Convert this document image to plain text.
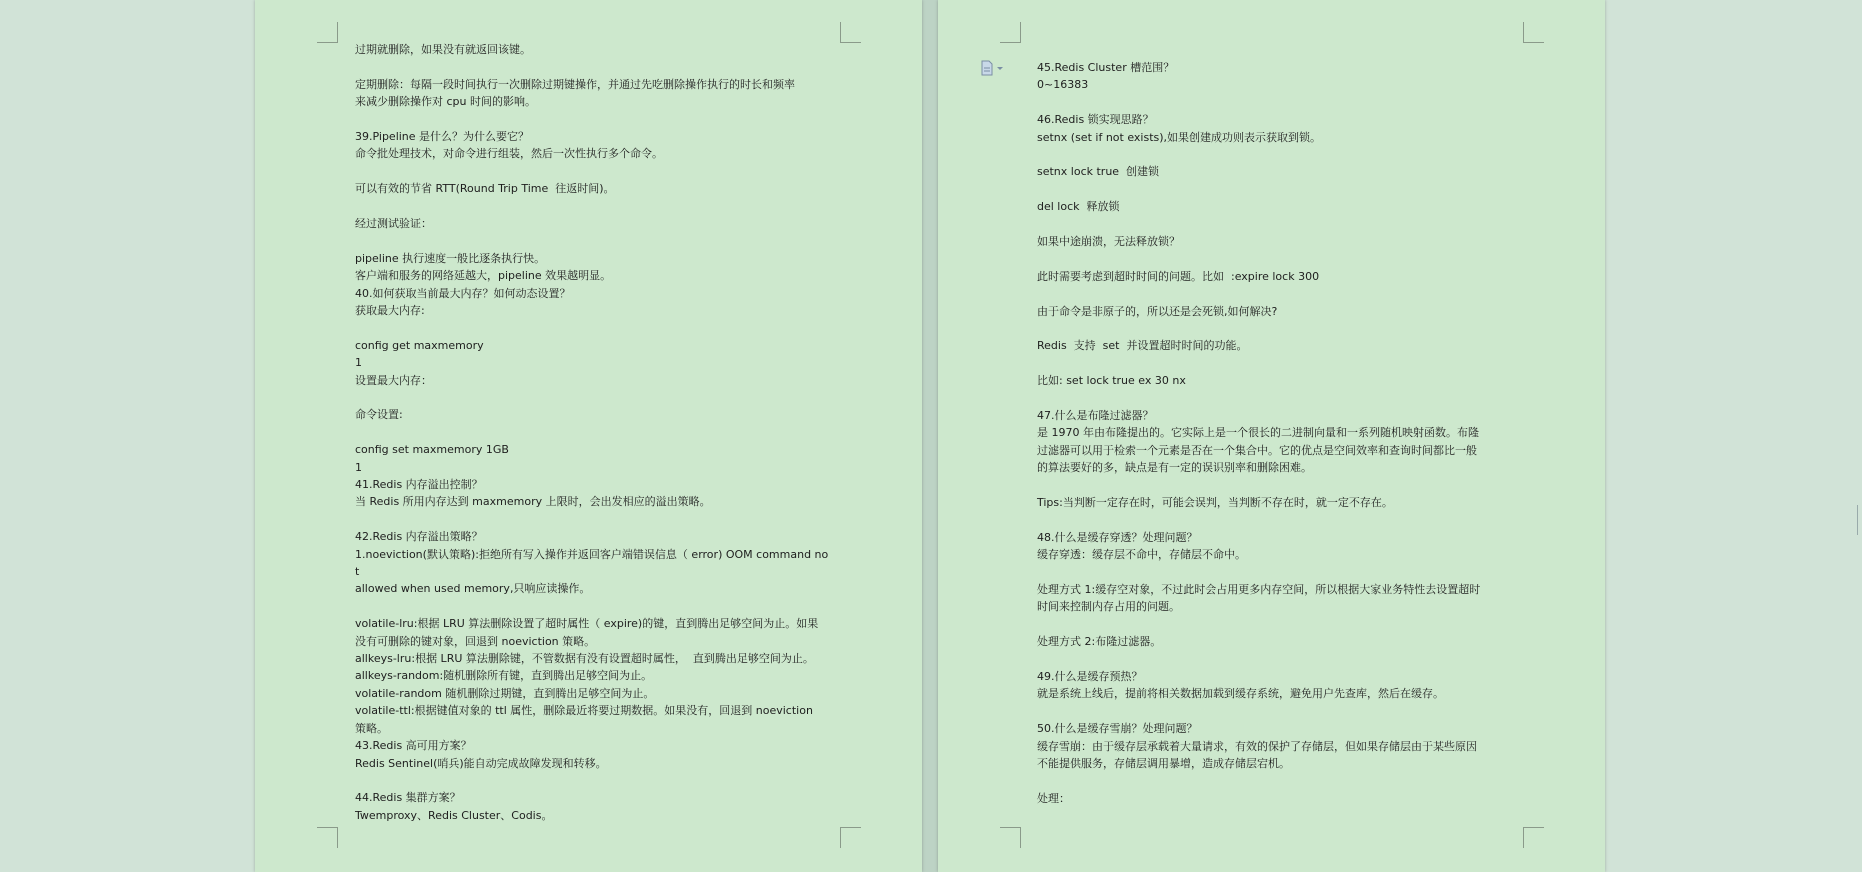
过期就删除，如果没有就返回该键。

定期删除：每隔一段时间执行一次删除过期键操作，并通过先吃删除操作执行的时长和频率

来减少删除操作对 cpu 时间的影响。

39.Pipeline 是什么？为什么要它？

命令批处理技术，对命令进行组装，然后一次性执行多个命令。

可以有效的节省 RTT(Round Trip Time  往返时间)。

经过测试验证：

pipeline 执行速度一般比逐条执行快。

客户端和服务的网络延越大，pipeline 效果越明显。

40.如何获取当前最大内存？如何动态设置？

获取最大内存:

config get maxmemory

1

设置最大内存：

命令设置:

config set maxmemory 1GB

1

41.Redis 内存溢出控制？

当 Redis 所用内存达到 maxmemory 上限时，会出发相应的溢出策略。

42.Redis 内存溢出策略？

1.noeviction(默认策略):拒绝所有写入操作并返回客户端错误信息（ error) OOM command not

allowed when used memory,只响应读操作。

volatile-lru:根据 LRU 算法删除设置了超时属性（ expire)的键，直到腾出足够空间为止。如果

没有可删除的键对象，回退到 noeviction 策略。

allkeys-lru:根据 LRU 算法删除键，不管数据有没有设置超时属性，  直到腾出足够空间为止。

allkeys-random:随机删除所有键，直到腾出足够空间为止。

volatile-random 随机删除过期键，直到腾出足够空间为止。

volatile-ttl:根据键值对象的 ttl 属性，删除最近将要过期数据。如果没有，回退到 noeviction

策略。

43.Redis 高可用方案？

Redis Sentinel(哨兵)能自动完成故障发现和转移。

44.Redis 集群方案？

Twemproxy、Redis Cluster、Codis。

45.Redis Cluster 槽范围？

0~16383

46.Redis 锁实现思路？

setnx (set if not exists),如果创建成功则表示获取到锁。

setnx lock true  创建锁

del lock  释放锁

如果中途崩溃，无法释放锁？

此时需要考虑到超时时间的问题。比如  :expire lock 300

由于命令是非原子的，所以还是会死锁,如何解决?

Redis  支持  set  并设置超时时间的功能。

比如: set lock true ex 30 nx

47.什么是布隆过滤器？

是 1970 年由布隆提出的。它实际上是一个很长的二进制向量和一系列随机映射函数。布隆

过滤器可以用于检索一个元素是否在一个集合中。它的优点是空间效率和查询时间都比一般

的算法要好的多，缺点是有一定的误识别率和删除困难。

Tips:当判断一定存在时，可能会误判，当判断不存在时，就一定不存在。

48.什么是缓存穿透？处理问题？

缓存穿透：缓存层不命中，存储层不命中。

处理方式 1:缓存空对象，不过此时会占用更多内存空间，所以根据大家业务特性去设置超时

时间来控制内存占用的问题。

处理方式 2:布隆过滤器。

49.什么是缓存预热？

就是系统上线后，提前将相关数据加载到缓存系统，避免用户先查库，然后在缓存。

50.什么是缓存雪崩？处理问题？

缓存雪崩：由于缓存层承载着大量请求，有效的保护了存储层，但如果存储层由于某些原因

不能提供服务，存储层调用暴增，造成存储层宕机。

处理：
